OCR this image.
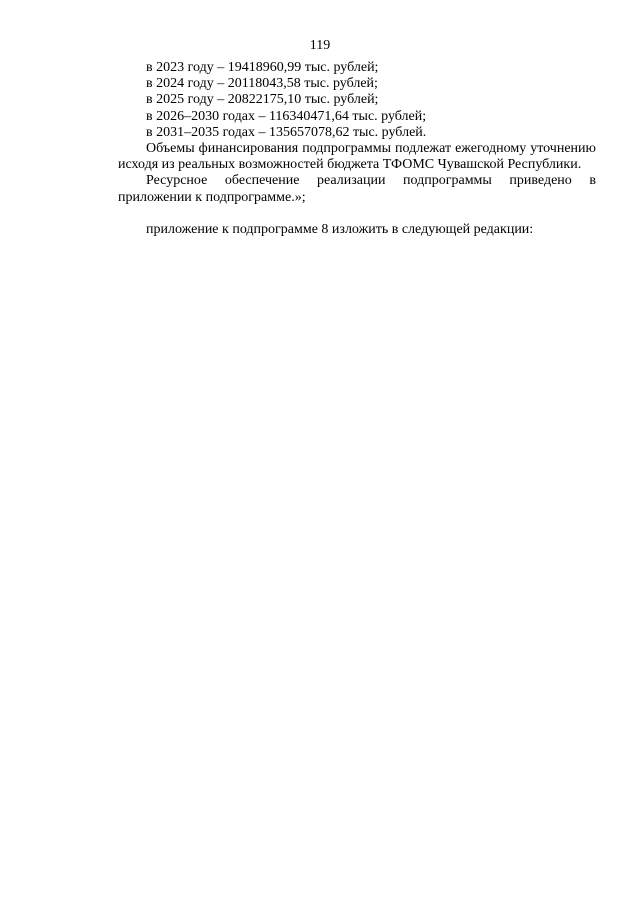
119

в 2023 году – 19418960,99 тыс. рублей;

в 2024 году – 20118043,58 тыс. рублей;

в 2025 году – 20822175,10 тыс. рублей;

в 2026–2030 годах – 116340471,64 тыс. рублей;

в 2031–2035 годах – 135657078,62 тыс. рублей.

Объемы финансирования подпрограммы подлежат ежегодному уточнению исходя из реальных возможностей бюджета ТФОМС Чувашской Республики.

Ресурсное обеспечение реализации подпрограммы приведено в приложении к подпрограмме.»;

приложение к подпрограмме 8 изложить в следующей редакции:
